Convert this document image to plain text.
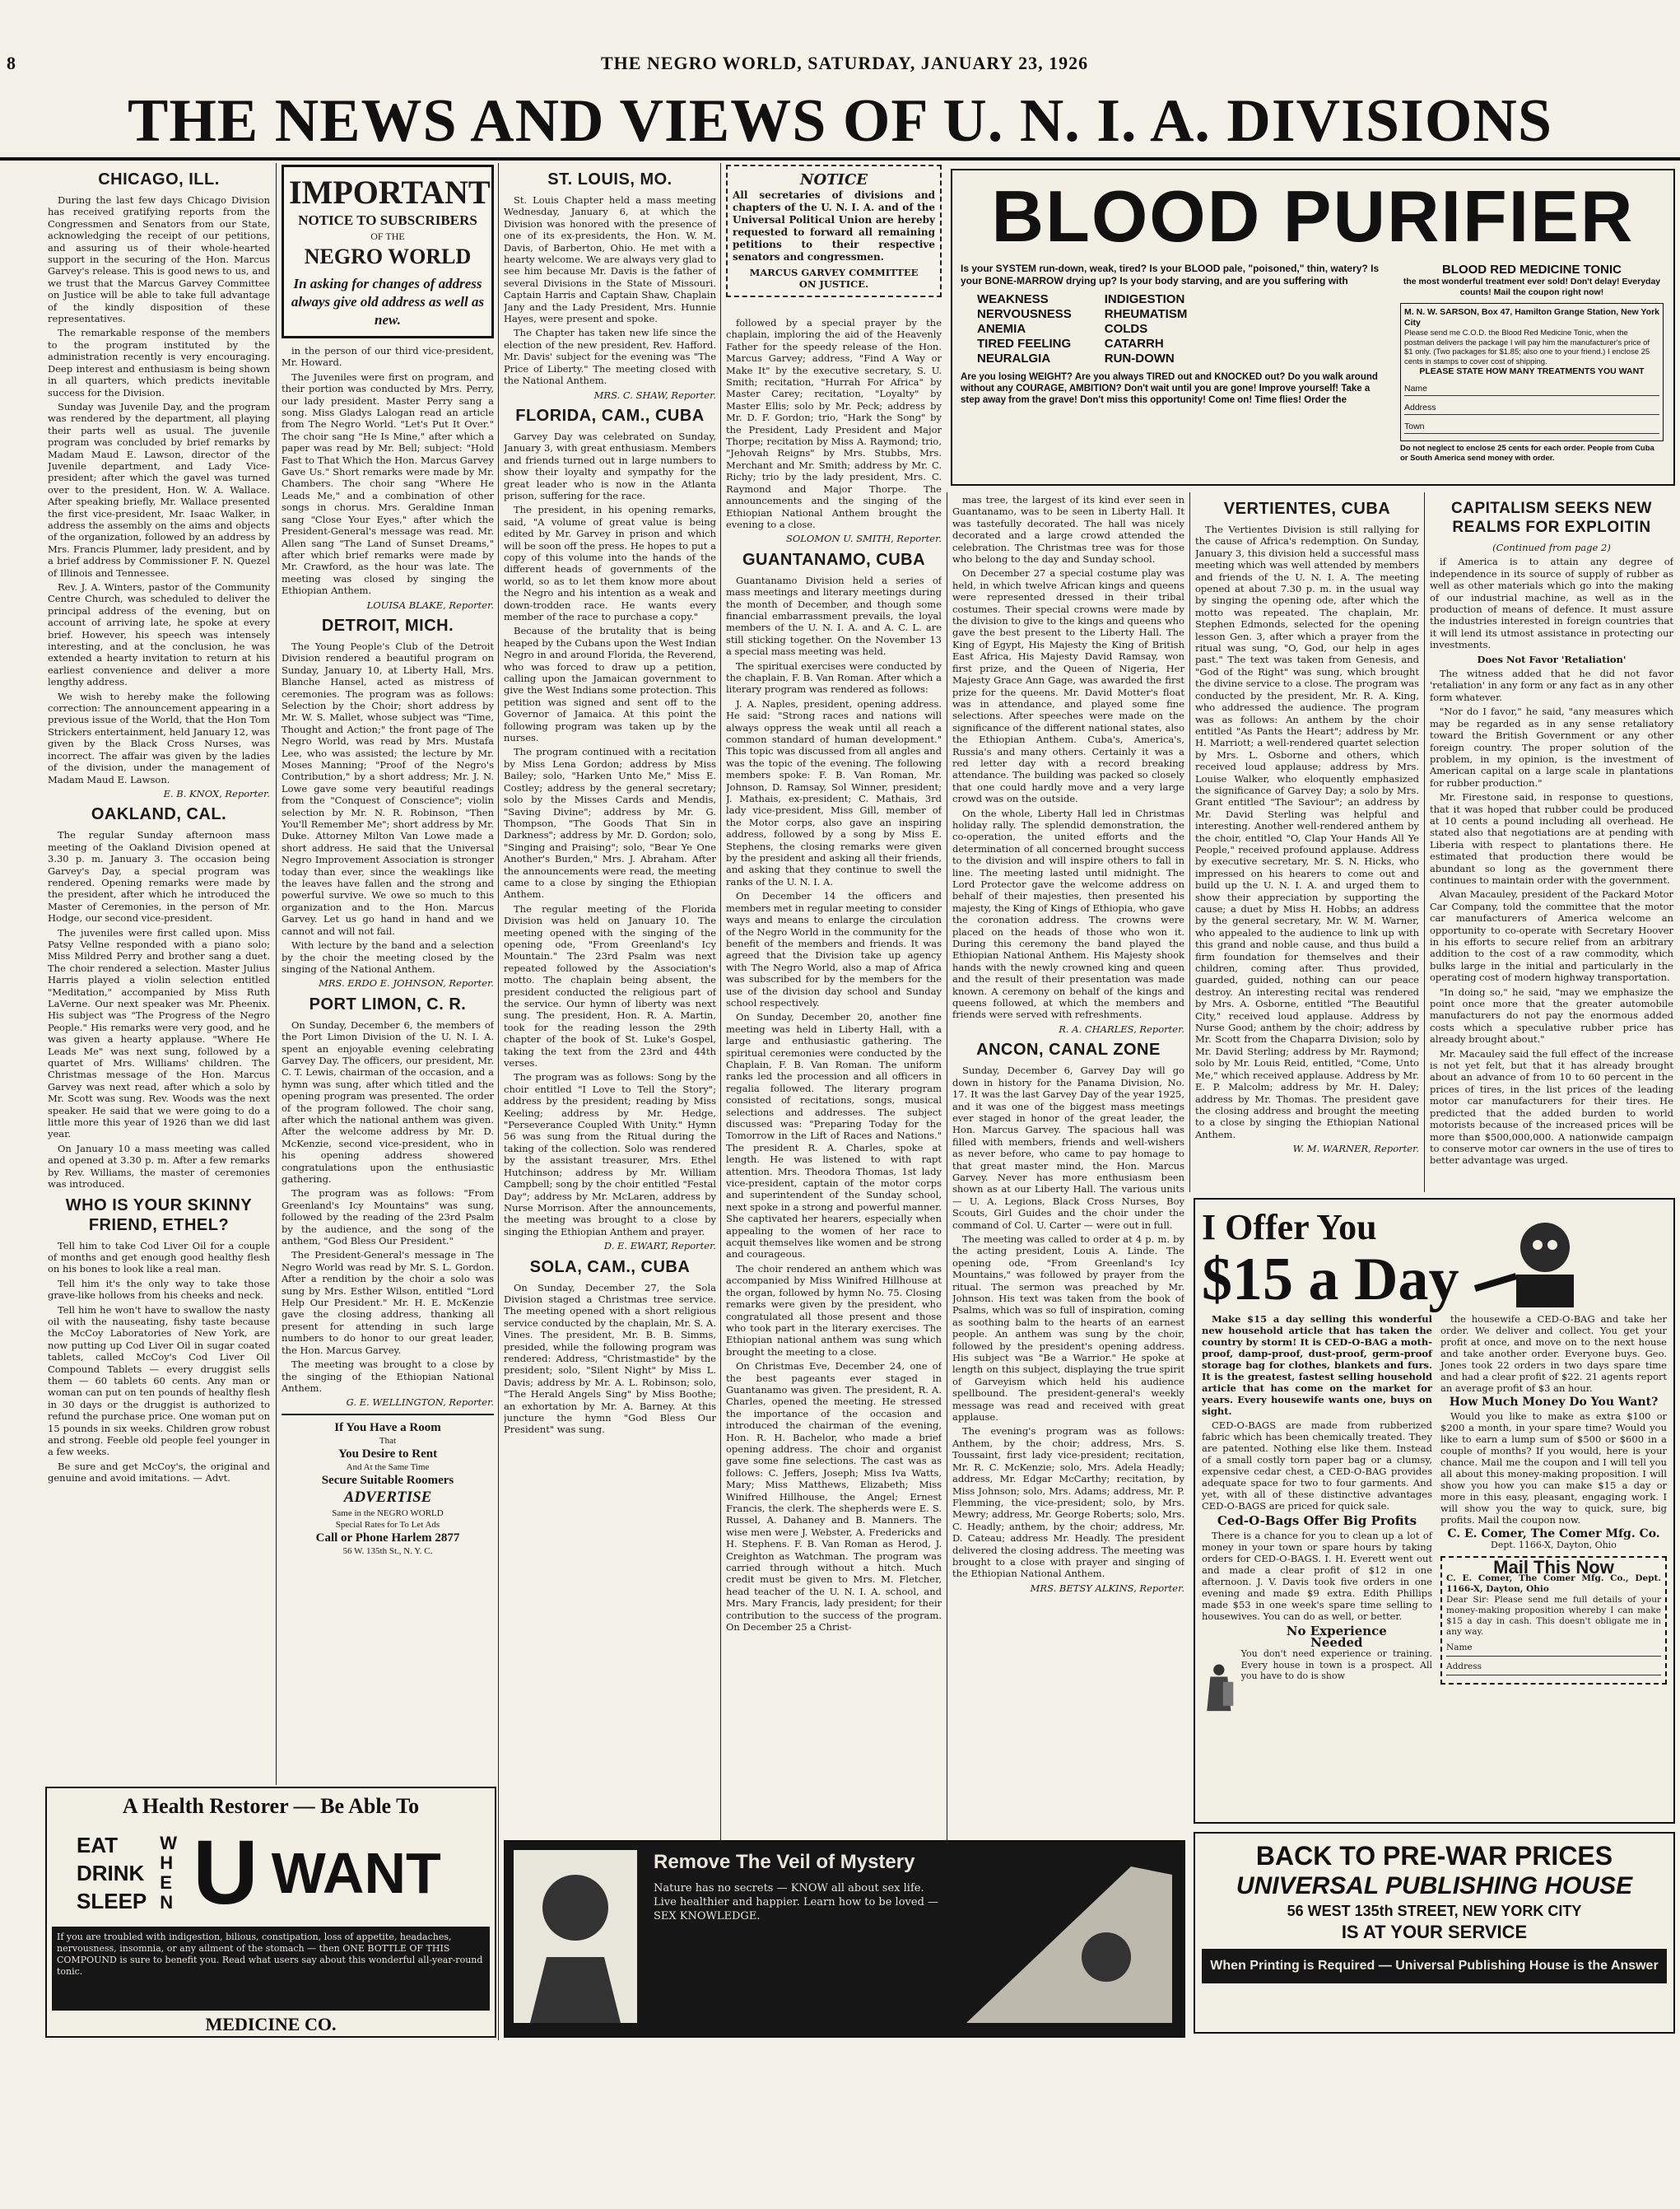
8	THE NEGRO WORLD, SATURDAY, JANUARY 23, 1926
THE NEWS AND VIEWS OF U. N. I. A. DIVISIONS
CHICAGO, ILL.

During the last few days Chicago Division has received gratifying reports from the Congressmen and Senators from our State, acknowledging the receipt of our petitions, and assuring us of their whole-hearted support in the securing of the Hon. Marcus Garvey's release. This is good news to us, and we trust that the Marcus Garvey Committee on Justice will be able to take full advantage of the kindly disposition of these representatives.

The remarkable response of the members to the program instituted by the administration recently is very encouraging. Deep interest and enthusiasm is being shown in all quarters, which predicts inevitable success for the Division.

Sunday was Juvenile Day, and the program was rendered by the department, all playing their parts well as usual. The juvenile program was concluded by brief remarks by Madam Maud E. Lawson, director of the Juvenile department, and Lady Vice-president; after which the gavel was turned over to the president, Hon. W. A. Wallace. After speaking briefly, Mr. Wallace presented the first vice-president, Mr. Isaac Walker, in address the assembly on the aims and objects of the organization, followed by an address by Mrs. Francis Plummer, lady president, and by a brief address by Commissioner F. N. Quezel of Illinois and Tennessee.

Rev. J. A. Winters, pastor of the Community Centre Church, was scheduled to deliver the principal address of the evening, but on account of arriving late, he spoke at every brief. However, his speech was intensely interesting, and at the conclusion, he was extended a hearty invitation to return at his earliest convenience and deliver a more lengthy address.

We wish to hereby make the following correction: The announcement appearing in a previous issue of the World, that the Hon Tom Strickers entertainment, held January 12, was given by the Black Cross Nurses, was incorrect. The affair was given by the ladies of the division, under the management of Madam Maud E. Lawson.

E. B. KNOX, Reporter.

OAKLAND, CAL.

The regular Sunday afternoon mass meeting of the Oakland Division opened at 3.30 p. m. January 3. The occasion being Garvey's Day, a special program was rendered. Opening remarks were made by the president, after which he introduced the Master of Ceremonies, in the person of Mr. Hodge, our second vice-president.

The juveniles were first called upon. Miss Patsy Vellne responded with a piano solo; Miss Mildred Perry and brother sang a duet. The choir rendered a selection. Master Julius Harris played a violin selection entitled "Meditation," accompanied by Miss Ruth LaVerne. Our next speaker was Mr. Pheenix. His subject was "The Progress of the Negro People." His remarks were very good, and he was given a hearty applause. "Where He Leads Me" was next sung, followed by a quartet of Mrs. Williams' children. The Christmas message of the Hon. Marcus Garvey was next read, after which a solo by Mr. Scott was sung. Rev. Woods was the next speaker. He said that we were going to do a little more this year of 1926 than we did last year.

On January 10 a mass meeting was called and opened at 3.30 p. m. After a few remarks by Rev. Williams, the master of ceremonies was introduced.

WHO IS YOUR SKINNY FRIEND, ETHEL?

Tell him to take Cod Liver Oil for a couple of months and get enough good healthy flesh on his bones to look like a real man.

Tell him it's the only way to take those grave-like hollows from his cheeks and neck.

Tell him he won't have to swallow the nasty oil with the nauseating, fishy taste because the McCoy Laboratories of New York, are now putting up Cod Liver Oil in sugar coated tablets, called McCoy's Cod Liver Oil Compound Tablets — every druggist sells them — 60 tablets 60 cents. Any man or woman can put on ten pounds of healthy flesh in 30 days or the druggist is authorized to refund the purchase price. One woman put on 15 pounds in six weeks. Children grow robust and strong. Feeble old people feel younger in a few weeks.

Be sure and get McCoy's, the original and genuine and avoid imitations. — Advt.

IMPORTANT
NOTICE TO SUBSCRIBERS
OF THE
NEGRO WORLD
In asking for changes of address always give old address as well as new.

in the person of our third vice-president, Mr. Howard.

The Juveniles were first on program, and their portion was conducted by Mrs. Perry, our lady president. Master Perry sang a song. Miss Gladys Lalogan read an article from The Negro World. "Let's Put It Over." The choir sang "He Is Mine," after which a paper was read by Mr. Bell; subject: "Hold Fast to That Which the Hon. Marcus Garvey Gave Us." Short remarks were made by Mr. Chambers. The choir sang "Where He Leads Me," and a combination of other songs in chorus. Mrs. Geraldine Inman sang "Close Your Eyes," after which the President-General's message was read. Mr. Allen sang "The Land of Sunset Dreams," after which brief remarks were made by Mr. Crawford, as the hour was late. The meeting was closed by singing the Ethiopian Anthem.

LOUISA BLAKE, Reporter.

DETROIT, MICH.

The Young People's Club of the Detroit Division rendered a beautiful program on Sunday, January 10, at Liberty Hall, Mrs. Blanche Hansel, acted as mistress of ceremonies. The program was as follows: Selection by the Choir; short address by Mr. W. S. Mallet, whose subject was "Time, Thought and Action;" the front page of The Negro World, was read by Mrs. Mustafa Lee, who was assisted; the lecture by Mr. Moses Manning; "Proof of the Negro's Contribution," by a short address; Mr. J. N. Lowe gave some very beautiful readings from the "Conquest of Conscience"; violin selection by Mr. N. R. Robinson, "Then You'll Remember Me"; short address by Mr. Duke. Attorney Milton Van Lowe made a short address. He said that the Universal Negro Improvement Association is stronger today than ever, since the weaklings like the leaves have fallen and the strong and powerful survive. We owe so much to this organization and to the Hon. Marcus Garvey. Let us go hand in hand and we cannot and will not fail.

With lecture by the band and a selection by the choir the meeting closed by the singing of the National Anthem.

MRS. ERDO E. JOHNSON, Reporter.

PORT LIMON, C. R.

On Sunday, December 6, the members of the Port Limon Division of the U. N. I. A. spent an enjoyable evening celebrating Garvey Day. The officers, our president, Mr. C. T. Lewis, chairman of the occasion, and a hymn was sung, after which titled and the opening program was presented. The order of the program followed. The choir sang, after which the national anthem was given. After the welcome address by Mr. D. McKenzie, second vice-president, who in his opening address showered congratulations upon the enthusiastic gathering.

The program was as follows: "From Greenland's Icy Mountains" was sung, followed by the reading of the 23rd Psalm by the audience, and the song of the anthem, "God Bless Our President."

The President-General's message in The Negro World was read by Mr. S. L. Gordon. After a rendition by the choir a solo was sung by Mrs. Esther Wilson, entitled "Lord Help Our President." Mr. H. E. McKenzie gave the closing address, thanking all present for attending in such large numbers to do honor to our great leader, the Hon. Marcus Garvey.

The meeting was brought to a close by the singing of the Ethiopian National Anthem.

G. E. WELLINGTON, Reporter.

If You Have a Room
That
You Desire to Rent
And At the Same Time
Secure Suitable Roomers
ADVERTISE
Same in the NEGRO WORLD
Special Rates for To Let Ads
Call or Phone Harlem 2877
56 W. 135th St., N. Y. C.
ST. LOUIS, MO.

St. Louis Chapter held a mass meeting Wednesday, January 6, at which the Division was honored with the presence of one of its ex-presidents, the Hon. W. M. Davis, of Barberton, Ohio. He met with a hearty welcome. We are always very glad to see him because Mr. Davis is the father of several Divisions in the State of Missouri. Captain Harris and Captain Shaw, Chaplain Jany and the Lady President, Mrs. Hunnie Hayes, were present and spoke.

The Chapter has taken new life since the election of the new president, Rev. Hafford. Mr. Davis' subject for the evening was "The Price of Liberty." The meeting closed with the National Anthem.

MRS. C. SHAW, Reporter.

FLORIDA, CAM., CUBA

Garvey Day was celebrated on Sunday, January 3, with great enthusiasm. Members and friends turned out in large numbers to show their loyalty and sympathy for the great leader who is now in the Atlanta prison, suffering for the race.

The president, in his opening remarks, said, "A volume of great value is being edited by Mr. Garvey in prison and which will be soon off the press. He hopes to put a copy of this volume into the hands of the different heads of governments of the world, so as to let them know more about the Negro and his intention as a weak and down-trodden race. He wants every member of the race to purchase a copy."

Because of the brutality that is being heaped by the Cubans upon the West Indian Negro in and around Florida, the Reverend, who was forced to draw up a petition, calling upon the Jamaican government to give the West Indians some protection. This petition was signed and sent off to the Governor of Jamaica. At this point the following program was taken up by the nurses.

The program continued with a recitation by Miss Lena Gordon; address by Miss Bailey; solo, "Harken Unto Me," Miss E. Costley; address by the general secretary; solo by the Misses Cards and Mendis, "Saving Divine"; address by Mr. G. Thompson, "The Goods That Sin in Darkness"; address by Mr. D. Gordon; solo, "Singing and Praising"; solo, "Bear Ye One Another's Burden," Mrs. J. Abraham. After the announcements were read, the meeting came to a close by singing the Ethiopian Anthem.

The regular meeting of the Florida Division was held on January 10. The meeting opened with the singing of the opening ode, "From Greenland's Icy Mountain." The 23rd Psalm was next repeated followed by the Association's motto. The chaplain being absent, the president conducted the religious part of the service. Our hymn of liberty was next sung. The president, Hon. R. A. Martin, took for the reading lesson the 29th chapter of the book of St. Luke's Gospel, taking the text from the 23rd and 44th verses.

The program was as follows: Song by the choir entitled "I Love to Tell the Story"; address by the president; reading by Miss Keeling; address by Mr. Hedge, "Perseverance Coupled With Unity." Hymn 56 was sung from the Ritual during the taking of the collection. Solo was rendered by the assistant treasurer, Mrs. Ethel Hutchinson; address by Mr. William Campbell; song by the choir entitled "Festal Day"; address by Mr. McLaren, address by Nurse Morrison. After the announcements, the meeting was brought to a close by singing the Ethiopian Anthem and prayer.

D. E. EWART, Reporter.

SOLA, CAM., CUBA

On Sunday, December 27, the Sola Division staged a Christmas tree service. The meeting opened with a short religious service conducted by the chaplain, Mr. S. A. Vines. The president, Mr. B. B. Simms, presided, while the following program was rendered: Address, "Christmastide" by the president; solo, "Silent Night" by Miss L. Davis; address by Mr. A. L. Robinson; solo, "The Herald Angels Sing" by Miss Boothe; an exhortation by Mr. A. Barney. At this juncture the hymn "God Bless Our President" was sung.

NOTICE
All secretaries of divisions and chapters of the U. N. I. A. and of the Universal Political Union are hereby requested to forward all remaining petitions to their respective senators and congressmen.
MARCUS GARVEY COMMITTEE
ON JUSTICE.
BLOOD PURIFIER
Is your SYSTEM run-down, weak, tired? Is your BLOOD pale, "poisoned," thin, watery? Is your BONE-MARROW drying up? Is your body starving, and are you suffering with
WEAKNESS
NERVOUSNESS
ANEMIA
TIRED FEELING
NEURALGIA
INDIGESTION
RHEUMATISM
COLDS
CATARRH
RUN-DOWN
Are you losing WEIGHT? Are you always TIRED out and KNOCKED out? Do you walk around without any COURAGE, AMBITION? Don't wait until you are gone! Improve yourself! Take a step away from the grave! Don't miss this opportunity! Come on! Time flies! Order the
BLOOD RED MEDICINE TONIC
the most wonderful treatment ever sold! Don't delay! Everyday counts! Mail the coupon right now!
M. N. W. SARSON, Box 47, Hamilton Grange Station, New York City
Please send me C.O.D. the Blood Red Medicine Tonic, when the postman delivers the package I will pay him the manufacturer's price of $1 only. (Two packages for $1.85; also one to your friend.) I enclose 25 cents in stamps to cover cost of shipping.
PLEASE STATE HOW MANY TREATMENTS YOU WANT
Name
Address
Town
Do not neglect to enclose 25 cents for each order. People from Cuba or South America send money with order.

followed by a special prayer by the chaplain, imploring the aid of the Heavenly Father for the speedy release of the Hon. Marcus Garvey; address, "Find A Way or Make It" by the executive secretary, S. U. Smith; recitation, "Hurrah For Africa" by Master Carey; recitation, "Loyalty" by Master Ellis; solo by Mr. Peck; address by Mr. D. F. Gordon; trio, "Hark the Song" by the President, Lady President and Major Thorpe; recitation by Miss A. Raymond; trio, "Jehovah Reigns" by Mrs. Stubbs, Mrs. Merchant and Mr. Smith; address by Mr. C. Richy; trio by the lady president, Mrs. C. Raymond and Major Thorpe. The announcements and the singing of the Ethiopian National Anthem brought the evening to a close.

SOLOMON U. SMITH, Reporter.

GUANTANAMO, CUBA

Guantanamo Division held a series of mass meetings and literary meetings during the month of December, and though some financial embarrassment prevails, the loyal members of the U. N. I. A. and A. C. L. are still sticking together. On the November 13 a special mass meeting was held.

The spiritual exercises were conducted by the chaplain, F. B. Van Roman. After which a literary program was rendered as follows:

J. A. Naples, president, opening address. He said: "Strong races and nations will always oppress the weak until all reach a common standard of human development." This topic was discussed from all angles and was the topic of the evening. The following members spoke: F. B. Van Roman, Mr. Johnson, D. Ramsay, Sol Winner, president; J. Mathais, ex-president; C. Mathais, 3rd lady vice-president, Miss Gill, member of the Motor corps, also gave an inspiring address, followed by a song by Miss E. Stephens, the closing remarks were given by the president and asking all their friends, and asking that they continue to swell the ranks of the U. N. I. A.

On December 14 the officers and members met in regular meeting to consider ways and means to enlarge the circulation of the Negro World in the community for the benefit of the members and friends. It was agreed that the Division take up agency with The Negro World, also a map of Africa was subscribed for by the members for the use of the division day school and Sunday school respectively.

On Sunday, December 20, another fine meeting was held in Liberty Hall, with a large and enthusiastic gathering. The spiritual ceremonies were conducted by the Chaplain, F. B. Van Roman. The uniform ranks led the procession and all officers in regalia followed. The literary program consisted of recitations, songs, musical selections and addresses. The subject discussed was: "Preparing Today for the Tomorrow in the Lift of Races and Nations." The president R. A. Charles, spoke at length. He was listened to with rapt attention. Mrs. Theodora Thomas, 1st lady vice-president, captain of the motor corps and superintendent of the Sunday school, next spoke in a strong and powerful manner. She captivated her hearers, especially when appealing to the women of her race to acquit themselves like women and be strong and courageous.

The choir rendered an anthem which was accompanied by Miss Winifred Hillhouse at the organ, followed by hymn No. 75. Closing remarks were given by the president, who congratulated all those present and those who took part in the literary exercises. The Ethiopian national anthem was sung which brought the meeting to a close.

On Christmas Eve, December 24, one of the best pageants ever staged in Guantanamo was given. The president, R. A. Charles, opened the meeting. He stressed the importance of the occasion and introduced the chairman of the evening, Hon. R. H. Bachelor, who made a brief opening address. The choir and organist gave some fine selections. The cast was as follows: C. Jeffers, Joseph; Miss Iva Watts, Mary; Miss Matthews, Elizabeth; Miss Winifred Hillhouse, the Angel; Ernest Francis, the clerk. The shepherds were E. S. Russel, A. Dahaney and B. Manners. The wise men were J. Webster, A. Fredericks and H. Stephens. F. B. Van Roman as Herod, J. Creighton as Watchman. The program was carried through without a hitch. Much credit must be given to Mrs. M. Fletcher, head teacher of the U. N. I. A. school, and Mrs. Mary Francis, lady president; for their contribution to the success of the program. On December 25 a Christ-

mas tree, the largest of its kind ever seen in Guantanamo, was to be seen in Liberty Hall. It was tastefully decorated. The hall was nicely decorated and a large crowd attended the celebration. The Christmas tree was for those who belong to the day and Sunday school.

On December 27 a special costume play was held, in which twelve African kings and queens were represented dressed in their tribal costumes. Their special crowns were made by the division to give to the kings and queens who gave the best present to the Liberty Hall. The King of Egypt, His Majesty the King of British East Africa, His Majesty David Ramsay, won first prize, and the Queen of Nigeria, Her Majesty Grace Ann Gage, was awarded the first prize for the queens. Mr. David Motter's float was in attendance, and played some fine selections. After speeches were made on the significance of the different national states, also the Ethiopian Anthem. Cuba's, America's, Russia's and many others. Certainly it was a red letter day with a record breaking attendance. The building was packed so closely that one could hardly move and a very large crowd was on the outside.

On the whole, Liberty Hall led in Christmas holiday rally. The splendid demonstration, the co-operation, the united efforts and the determination of all concerned brought success to the division and will inspire others to fall in line. The meeting lasted until midnight. The Lord Protector gave the welcome address on behalf of their majesties, then presented his majesty, the King of Kings of Ethiopia, who gave the coronation address. The crowns were placed on the heads of those who won it. During this ceremony the band played the Ethiopian National Anthem. His Majesty shook hands with the newly crowned king and queen and the result of their presentation was made known. A ceremony on behalf of the kings and queens followed, at which the members and friends were served with refreshments.

R. A. CHARLES, Reporter.

ANCON, CANAL ZONE

Sunday, December 6, Garvey Day will go down in history for the Panama Division, No. 17. It was the last Garvey Day of the year 1925, and it was one of the biggest mass meetings ever staged in honor of the great leader, the Hon. Marcus Garvey. The spacious hall was filled with members, friends and well-wishers as never before, who came to pay homage to that great master mind, the Hon. Marcus Garvey. Never has more enthusiasm been shown as at our Liberty Hall. The various units — U. A. Legions, Black Cross Nurses, Boy Scouts, Girl Guides and the choir under the command of Col. U. Carter — were out in full.

The meeting was called to order at 4 p. m. by the acting president, Louis A. Linde. The opening ode, "From Greenland's Icy Mountains," was followed by prayer from the ritual. The sermon was preached by Mr. Johnson. His text was taken from the book of Psalms, which was so full of inspiration, coming as soothing balm to the hearts of an earnest people. An anthem was sung by the choir, followed by the president's opening address. His subject was "Be a Warrior." He spoke at length on this subject, displaying the true spirit of Garveyism which held his audience spellbound. The president-general's weekly message was read and received with great applause.

The evening's program was as follows: Anthem, by the choir; address, Mrs. S. Toussaint, first lady vice-president; recitation, Mr. R. C. McKenzie; solo, Mrs. Adela Headly; address, Mr. Edgar McCarthy; recitation, by Miss Johnson; solo, Mrs. Adams; address, Mr. P. Flemming, the vice-president; solo, by Mrs. Mewry; address, Mr. George Roberts; solo, Mrs. C. Headly; anthem, by the choir; address, Mr. D. Cateau; address Mr. Headly. The president delivered the closing address. The meeting was brought to a close with prayer and singing of the Ethiopian National Anthem.

MRS. BETSY ALKINS, Reporter.

VERTIENTES, CUBA

The Vertientes Division is still rallying for the cause of Africa's redemption. On Sunday, January 3, this division held a successful mass meeting which was well attended by members and friends of the U. N. I. A. The meeting opened at about 7.30 p. m. in the usual way by singing the opening ode, after which the motto was repeated. The chaplain, Mr. Stephen Edmonds, selected for the opening lesson Gen. 3, after which a prayer from the ritual was sung, "O, God, our help in ages past." The text was taken from Genesis, and "God of the Right" was sung, which brought the divine service to a close. The program was conducted by the president, Mr. R. A. King, who addressed the audience. The program was as follows: An anthem by the choir entitled "As Pants the Heart"; address by Mr. H. Marriott; a well-rendered quartet selection by Mrs. L. Osborne and others, which received loud applause; address by Mrs. Louise Walker, who eloquently emphasized the significance of Garvey Day; a solo by Mrs. Grant entitled "The Saviour"; an address by Mr. David Sterling was helpful and interesting. Another well-rendered anthem by the choir, entitled "O, Clap Your Hands All Ye People," received profound applause. Address by executive secretary, Mr. S. N. Hicks, who impressed on his hearers to come out and build up the U. N. I. A. and urged them to show their appreciation by supporting the cause; a duet by Miss H. Hobbs; an address by the general secretary, Mr. W. M. Warner, who appealed to the audience to link up with this grand and noble cause, and thus build a firm foundation for themselves and their children, coming after. Thus provided, guarded, guided, nothing can our peace destroy. An interesting recital was rendered by Mrs. A. Osborne, entitled "The Beautiful City," received loud applause. Address by Nurse Good; anthem by the choir; address by Mr. Scott from the Chaparra Division; solo by Mr. David Sterling; address by Mr. Raymond; solo by Mr. Louis Reid, entitled, "Come, Unto Me," which received applause. Address by Mr. E. P. Malcolm; address by Mr. H. Daley; address by Mr. Thomas. The president gave the closing address and brought the meeting to a close by singing the Ethiopian National Anthem.

W. M. WARNER, Reporter.

CAPITALISM SEEKS NEW REALMS FOR EXPLOITIN

(Continued from page 2)

if America is to attain any degree of independence in its source of supply of rubber as well as other materials which go into the making of our industrial machine, as well as in the production of means of defence. It must assure the industries interested in foreign countries that it will lend its utmost assistance in protecting our investments.

Does Not Favor 'Retaliation'

The witness added that he did not favor 'retaliation' in any form or any fact as in any other form whatever.

"Nor do I favor," he said, "any measures which may be regarded as in any sense retaliatory toward the British Government or any other foreign country. The proper solution of the problem, in my opinion, is the investment of American capital on a large scale in plantations for rubber production."

Mr. Firestone said, in response to questions, that it was hoped that rubber could be produced at 10 cents a pound including all overhead. He stated also that negotiations are at pending with Liberia with respect to plantations there. He estimated that production there would be abundant so long as the government there continues to maintain order with the government.

Alvan Macauley, president of the Packard Motor Car Company, told the committee that the motor car manufacturers of America welcome an opportunity to co-operate with Secretary Hoover in his efforts to secure relief from an arbitrary addition to the cost of a raw commodity, which bulks large in the initial and particularly in the operating cost of modern highway transportation.

"In doing so," he said, "may we emphasize the point once more that the greater automobile manufacturers do not pay the enormous added costs which a speculative rubber price has already brought about."

Mr. Macauley said the full effect of the increase is not yet felt, but that it has already brought about an advance of from 10 to 60 percent in the prices of tires, in the list prices of the leading motor car manufacturers for their tires. He predicted that the added burden to world motorists because of the increased prices will be more than $500,000,000. A nationwide campaign to conserve motor car owners in the use of tires to better advantage was urged.

I Offer You
$15 a Day

Make $15 a day selling this wonderful new household article that has taken the country by storm! It is CED-O-BAG a moth-proof, damp-proof, dust-proof, germ-proof storage bag for clothes, blankets and furs. It is the greatest, fastest selling household article that has come on the market for years. Every housewife wants one, buys on sight.

CED-O-BAGS are made from rubberized fabric which has been chemically treated. They are patented. Nothing else like them. Instead of a small costly torn paper bag or a clumsy, expensive cedar chest, a CED-O-BAG provides adequate space for two to four garments. And yet, with all of these distinctive advantages CED-O-BAGS are priced for quick sale.

Ced-O-Bags Offer Big Profits

There is a chance for you to clean up a lot of money in your town or spare hours by taking orders for CED-O-BAGS. I. H. Everett went out and made a clear profit of $12 in one afternoon. J. V. Davis took five orders in one evening and made $9 extra. Edith Phillips made $53 in one week's spare time selling to housewives. You can do as well, or better.

No Experience
Needed
You don't need experience or training. Every house in town is a prospect. All you have to do is show

the housewife a CED-O-BAG and take her order. We deliver and collect. You get your profit at once, and move on to the next house and take another order. Everyone buys. Geo. Jones took 22 orders in two days spare time and had a clear profit of $22. 21 agents report an average profit of $3 an hour.

How Much Money Do You Want?

Would you like to make as extra $100 or $200 a month, in your spare time? Would you like to earn a lump sum of $500 or $600 in a couple of months? If you would, here is your chance. Mail me the coupon and I will tell you all about this money-making proposition. I will show you how you can make $15 a day or more in this easy, pleasant, engaging work. I will show you the way to quick, sure, big profits. Mail the coupon now.

C. E. Comer, The Comer Mfg. Co.
Dept. 1166-X, Dayton, Ohio
Mail This Now
C. E. Comer, The Comer Mfg. Co., Dept. 1166-X, Dayton, Ohio
Dear Sir: Please send me full details of your money-making proposition whereby I can make $15 a day in cash. This doesn't obligate me in any way.
Name
Address
BACK TO PRE-WAR PRICES
UNIVERSAL PUBLISHING HOUSE
56 WEST 135th STREET, NEW YORK CITY
IS AT YOUR SERVICE
When Printing is Required — Universal Publishing House is the Answer
A Health Restorer — Be Able To
EAT
DRINK
SLEEP
WHEN U WANT
If you are troubled with indigestion, bilious, constipation, loss of appetite, headaches, nervousness, insomnia, or any ailment of the stomach — then ONE BOTTLE OF THIS COMPOUND is sure to benefit you. Read what users say about this wonderful all-year-round tonic.
MEDICINE CO.
Remove The Veil of Mystery
Nature has no secrets — KNOW all about sex life. Live healthier and happier. Learn how to be loved — SEX KNOWLEDGE.
